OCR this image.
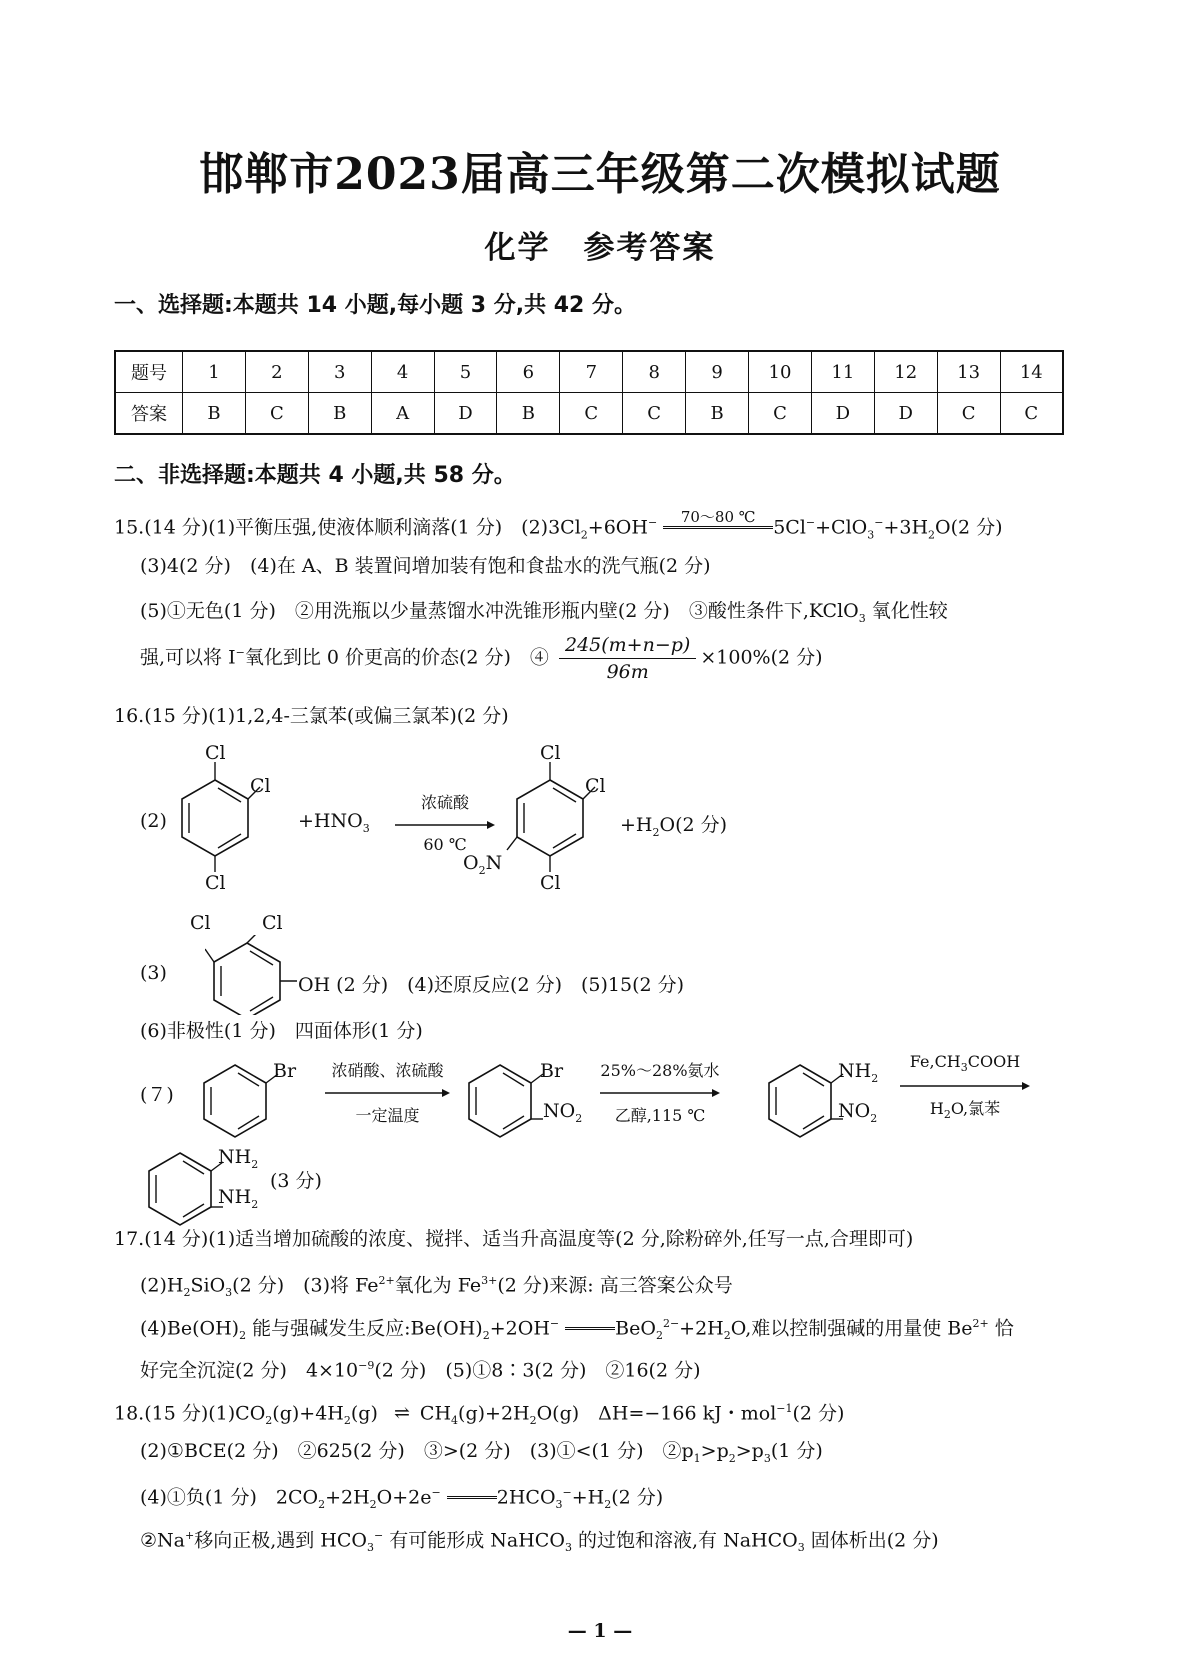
邯郸市2023届高三年级第二次模拟试题
化学　参考答案
一、选择题:本题共 14 小题,每小题 3 分,共 42 分。
题号	1	2	3	4	5	6	7	8	9	10	11	12	13	14
答案	B	C	B	A	D	B	C	C	B	C	D	D	C	C
二、非选择题:本题共 4 小题,共 58 分。
15.(14 分)(1)平衡压强,使液体顺利滴落(1 分)　$(2)3Cl_2+6OH^-$	70～80 ℃
$5Cl^-+ClO_3^-+3H_2O(2$ 分)
(3)4(2 分)　(4)在 A、B 装置间增加装有饱和食盐水的洗气瓶(2 分)
(5)①无色(1 分)　②用洗瓶以少量蒸馏水冲洗锥形瓶内壁(2 分)　③酸性条件下,KClO$_3$ 氧化性较
强,可以将 I−氧化到比 0 价更高的价态(2 分)　④ $\frac{245(m+n-p)}{96m} \times 100\%(2$ 分)
16.(15 分)(1)1,2,4-三氯苯(或偏三氯苯)(2 分)
(2)
Cl
Cl
Cl
$+HNO_3$
浓硫酸
60 ℃
Cl
Cl
Cl
$O_2N$
$+H_2O(2$ 分)
(3)
Cl	Cl
OH (2 分)　(4)还原反应(2 分)　(5)15(2 分)
(6)非极性(1 分)　四面体形(1 分)
(７)
Br	浓硝酸、浓硫酸
一定温度
Br
$NO_2$
25%～28%氨水
乙醇,115 ℃
$NH_2$
$NO_2$
$Fe,CH_3COOH$
$H_2O$,氯苯
$NH_2$
$NH_2$
(3 分)
17.(14 分)(1)适当增加硫酸的浓度、搅拌、适当升高温度等(2 分,除粉碎外,任写一点,合理即可)
$(2)H_2SiO_3(2$ 分)　(3)将 $Fe^{2+}$氧化为 $Fe^{3+}(2$ 分)来源: 高三答案公众号
$(4)Be(OH)_2$ 能与强碱发生反应$:Be(OH)_2+2OH^-$	$BeO_2^{2-}+2H_2O$,难以控制强碱的用量使 $Be^{2+}$ 恰
好完全沉淀(2 分)　$4\times 10^{-9}(2$ 分)　(5)①8∶3(2 分)　②16(2 分)
18.(15 分)$(1)CO_2(g)+4H_2(g)$ ⇌ $CH_4(g)+2H_2O(g)$　ΔH=−166 kJ・mol$^{-1}$(2 分)
(2)①BCE(2 分)　②625(2 分)　③>(2 分)　(3)①<(1 分)　$②p_1>p_2>p_3(1$ 分)
(4)①负(1 分)　$2CO_2+2H_2O+2e^-$	$2HCO_3^-+H_2(2$ 分)
②Na+移向正极,遇到 $HCO_3^-$ 有可能形成 NaHCO$_3$ 的过饱和溶液,有 NaHCO$_3$ 固体析出(2 分)
— 1 —
